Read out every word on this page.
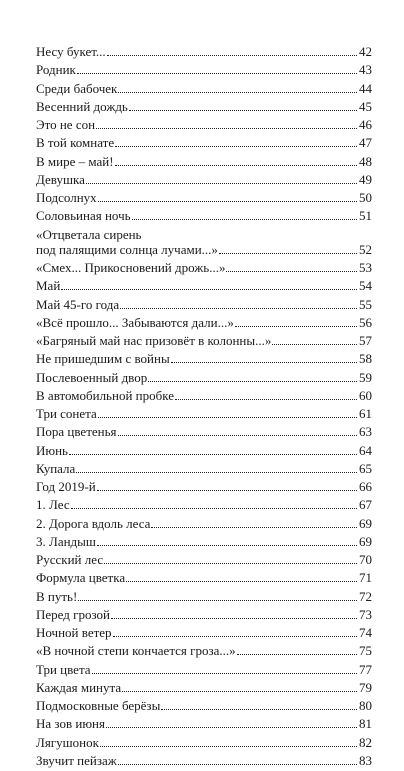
Несу букет...	42
Родник	43
Среди бабочек	44
Весенний дождь	45
Это не сон	46
В той комнате	47
В мире – май!	48
Девушка	49
Подсолнух	50
Соловьиная ночь	51
«Отцветала сирень
под палящими солнца лучами...»	52
«Смех... Прикосновений дрожь...»	53
Май	54
Май 45-го года	55
«Всё прошло... Забываются дали...»	56
«Багряный май нас призовёт в колонны...»	57
Не пришедшим с войны	58
Послевоенный двор	59
В автомобильной пробке	60
Три сонета	61
Пора цветенья	63
Июнь	64
Купала	65
Год 2019-й	66
1. Лес	67
2. Дорога вдоль леса	69
3. Ландыш	69
Русский лес	70
Формула цветка	71
В путь!	72
Перед грозой	73
Ночной ветер	74
«В ночной степи кончается гроза...»	75
Три цвета	77
Каждая минута	79
Подмосковные берёзы	80
На зов июня	81
Лягушонок	82
Звучит пейзаж	83
